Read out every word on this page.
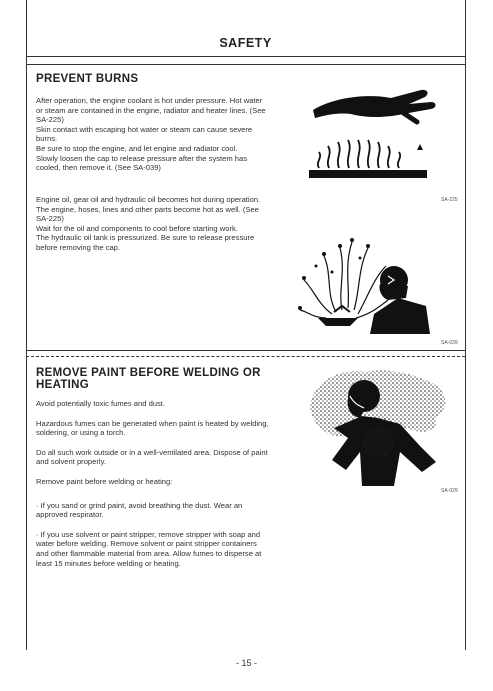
SAFETY
PREVENT BURNS

After operation, the engine coolant is hot under pressure. Hot water or steam are contained in the engine, radiator and heater lines. (See SA-225)

Skin contact with escaping hot water or steam can cause severe burns.

Be sure to stop the engine, and let engine and radiator cool.

Slowly loosen the cap to release pressure after the system has cooled, then remove it. (See SA-039)

Engine oil, gear oil and hydraulic oil becomes hot during operation.

The engine, hoses, lines and other parts become hot as well. (See SA-225)

Wait for the oil and components to cool before starting work.

The hydraulic oil tank is pressurized. Be sure to release pressure before removing the cap.

SA-225
SA-039
REMOVE PAINT BEFORE WELDING OR
HEATING

Avoid potentially toxic fumes and dust.

Hazardous fumes can be generated when paint is heated by welding, soldering, or using a torch.

Do all such work outside or in a well-ventilated area. Dispose of paint and solvent properly.

Remove paint before welding or heating:

· If you sand or grind paint, avoid breathing the dust. Wear an approved respirator.

· If you use solvent or paint stripper, remove stripper with soap and water before welding. Remove solvent or paint stripper containers and other flammable material from area. Allow fumes to disperse at least 15 minutes before welding or heating.

SA-029
- 15 -
